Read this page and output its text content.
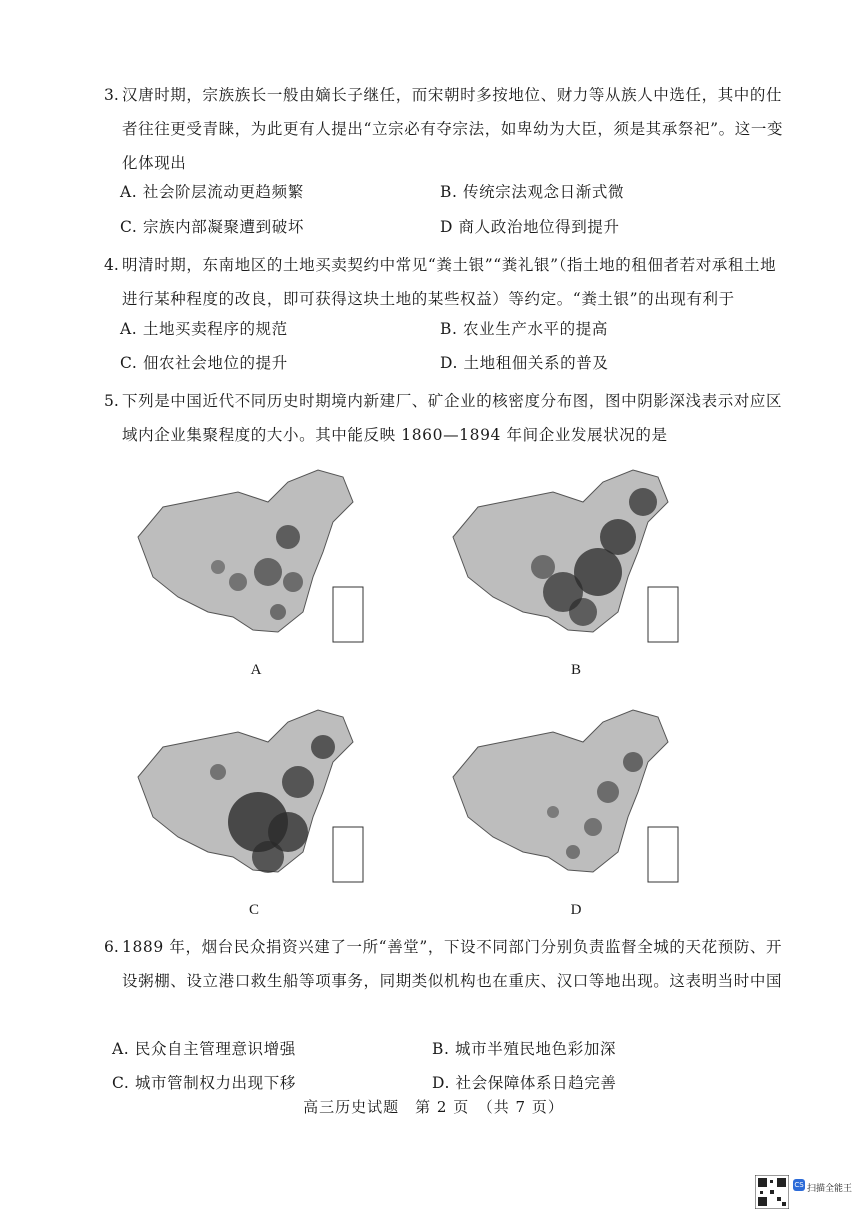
3. 汉唐时期，宗族族长一般由嫡长子继任，而宋朝时多按地位、财力等从族人中选任，其中的仕者往往更受青睐，为此更有人提出“立宗必有夺宗法，如卑幼为大臣，须是其承祭祀”。这一变化体现出
A. 社会阶层流动更趋频繁	B. 传统宗法观念日渐式微
C. 宗族内部凝聚遭到破坏	D 商人政治地位得到提升
4. 明清时期，东南地区的土地买卖契约中常见“粪土银”“粪礼银”（指土地的租佃者若对承租土地进行某种程度的改良，即可获得这块土地的某些权益）等约定。“粪土银”的出现有利于
A. 土地买卖程序的规范	B. 农业生产水平的提高
C. 佃农社会地位的提升	D. 土地租佃关系的普及
5. 下列是中国近代不同历史时期境内新建厂、矿企业的核密度分布图，图中阴影深浅表示对应区域内企业集聚程度的大小。其中能反映 1860—1894 年间企业发展状况的是
A	B
C	D
6. 1889 年，烟台民众捐资兴建了一所“善堂”，下设不同部门分别负责监督全城的天花预防、开设粥棚、设立港口救生船等项事务，同期类似机构也在重庆、汉口等地出现。这表明当时中国
A. 民众自主管理意识增强	B. 城市半殖民地色彩加深
C. 城市管制权力出现下移	D. 社会保障体系日趋完善
高三历史试题　第 2 页　（共 7 页）
CS 扫描全能王
